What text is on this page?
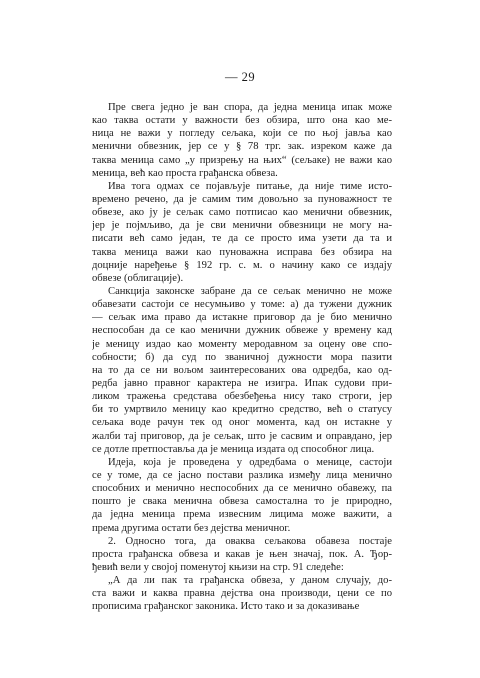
— 29
Пре свега једно је ван спора, да једна меница ипак може
као таква остати у важности без обзира, што она као ме-
ница не важи у погледу сељака, који се по њој јавља као
менични обвезник, јер се у § 78 трг. зак. изреком каже да
таква меница само „у призрењу на њих“ (сељаке) не важи као
меница, већ као проста грађанска обвеза.
Ива тога одмах се појављује питање, да није тиме исто-
времено речено, да је самим тим довољно за пуноважност те
обвезе, ако ју је сељак само потписао као менични обвезник,
јер је појмљиво, да је сви менични обвезници не могу на-
писати већ само један, те да се просто има узети да та и
таква меница важи као пуноважна исправа без обзира на
доцније наређење § 192 гр. с. м. о начину како се издају
обвезе (облигације).
Санкција законске забране да се сељак менично не може
обавезати састоји се несумњиво у томе: а) да тужени дужник
— сељак има право да истакне приговор да је био менично
неспособан да се као менични дужник обвеже у времену кад
је меницу издао као моменту меродавном за оцену ове спо-
собности; б) да суд по званичној дужности мора пазити
на то да се ни вољом заинтересованих ова одредба, као од-
редба јавно правног карактера не изигра. Ипак судови при-
ликом тражења средстава обезбеђења нису тако строги, јер
би то умртвило меницу као кредитно средство, већ о статусу
сељака воде рачун тек од оног момента, кад он истакне у
жалби тај приговор, да је сељак, што је сасвим и оправдано, јер
се дотле претпоставља да је меница издата од способног лица.
Идеја, која је проведена у одредбама о менице, састоји
се у томе, да се јасно постави разлика између лица менично
способних и менично неспособних да се менично обавежу, па
пошто је свака менична обвеза самостална то је природно,
да једна меница према извесним лицима може важити, а
према другима остати без дејства меничног.
2. Односно тога, да оваква сељакова обавеза постаје
проста грађанска обвеза и какав је њен значај, пок. А. Ђор-
ђевић вели у својој поменутој књизи на стр. 91 следеће:
„А да ли пак та грађанска обвеза, у даном случају, до-
ста важи и каква правна дејства она производи, цени се по
прописима грађанског законика. Исто тако и за доказивање
